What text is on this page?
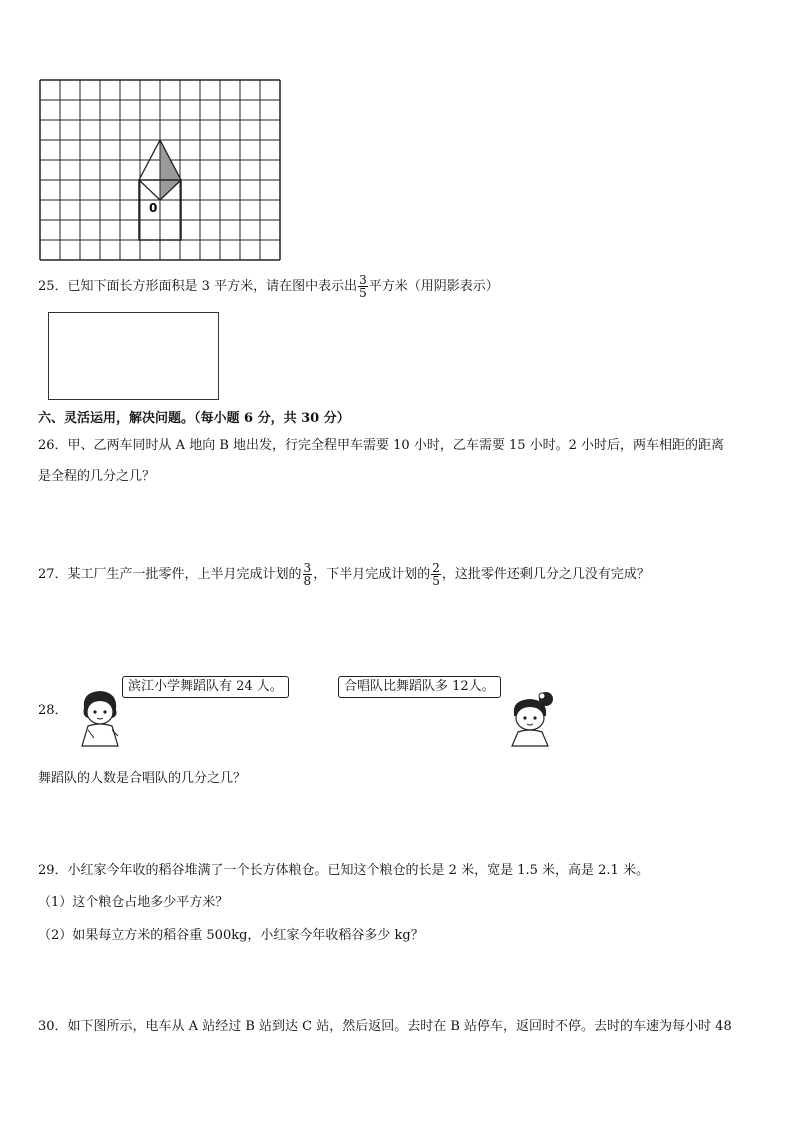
0
25．已知下面长方形面积是 3 平方米，请在图中表示出 $\frac{3}{5}$ 平方米（用阴影表示）
六、灵活运用，解决问题。（每小题 6 分，共 30 分）
26．甲、乙两车同时从 A 地向 B 地出发，行完全程甲车需要 10 小时，乙车需要 15 小时。2 小时后，两车相距的距离
是全程的几分之几？
27．某工厂生产一批零件，上半月完成计划的 $\frac{3}{8}$ ，下半月完成计划的 $\frac{2}{5}$ ，这批零件还剩几分之几没有完成？
28．
滨江小学舞蹈队有 24 人。	合唱队比舞蹈队多 12人。
舞蹈队的人数是合唱队的几分之几？
29．小红家今年收的稻谷堆满了一个长方体粮仓。已知这个粮仓的长是 2 米，宽是 1.5 米，高是 2.1 米。
（1）这个粮仓占地多少平方米？
（2）如果每立方米的稻谷重 500kg，小红家今年收稻谷多少 kg？
30．如下图所示，电车从 A 站经过 B 站到达 C 站，然后返回。去时在 B 站停车，返回时不停。去时的车速为每小时 48
